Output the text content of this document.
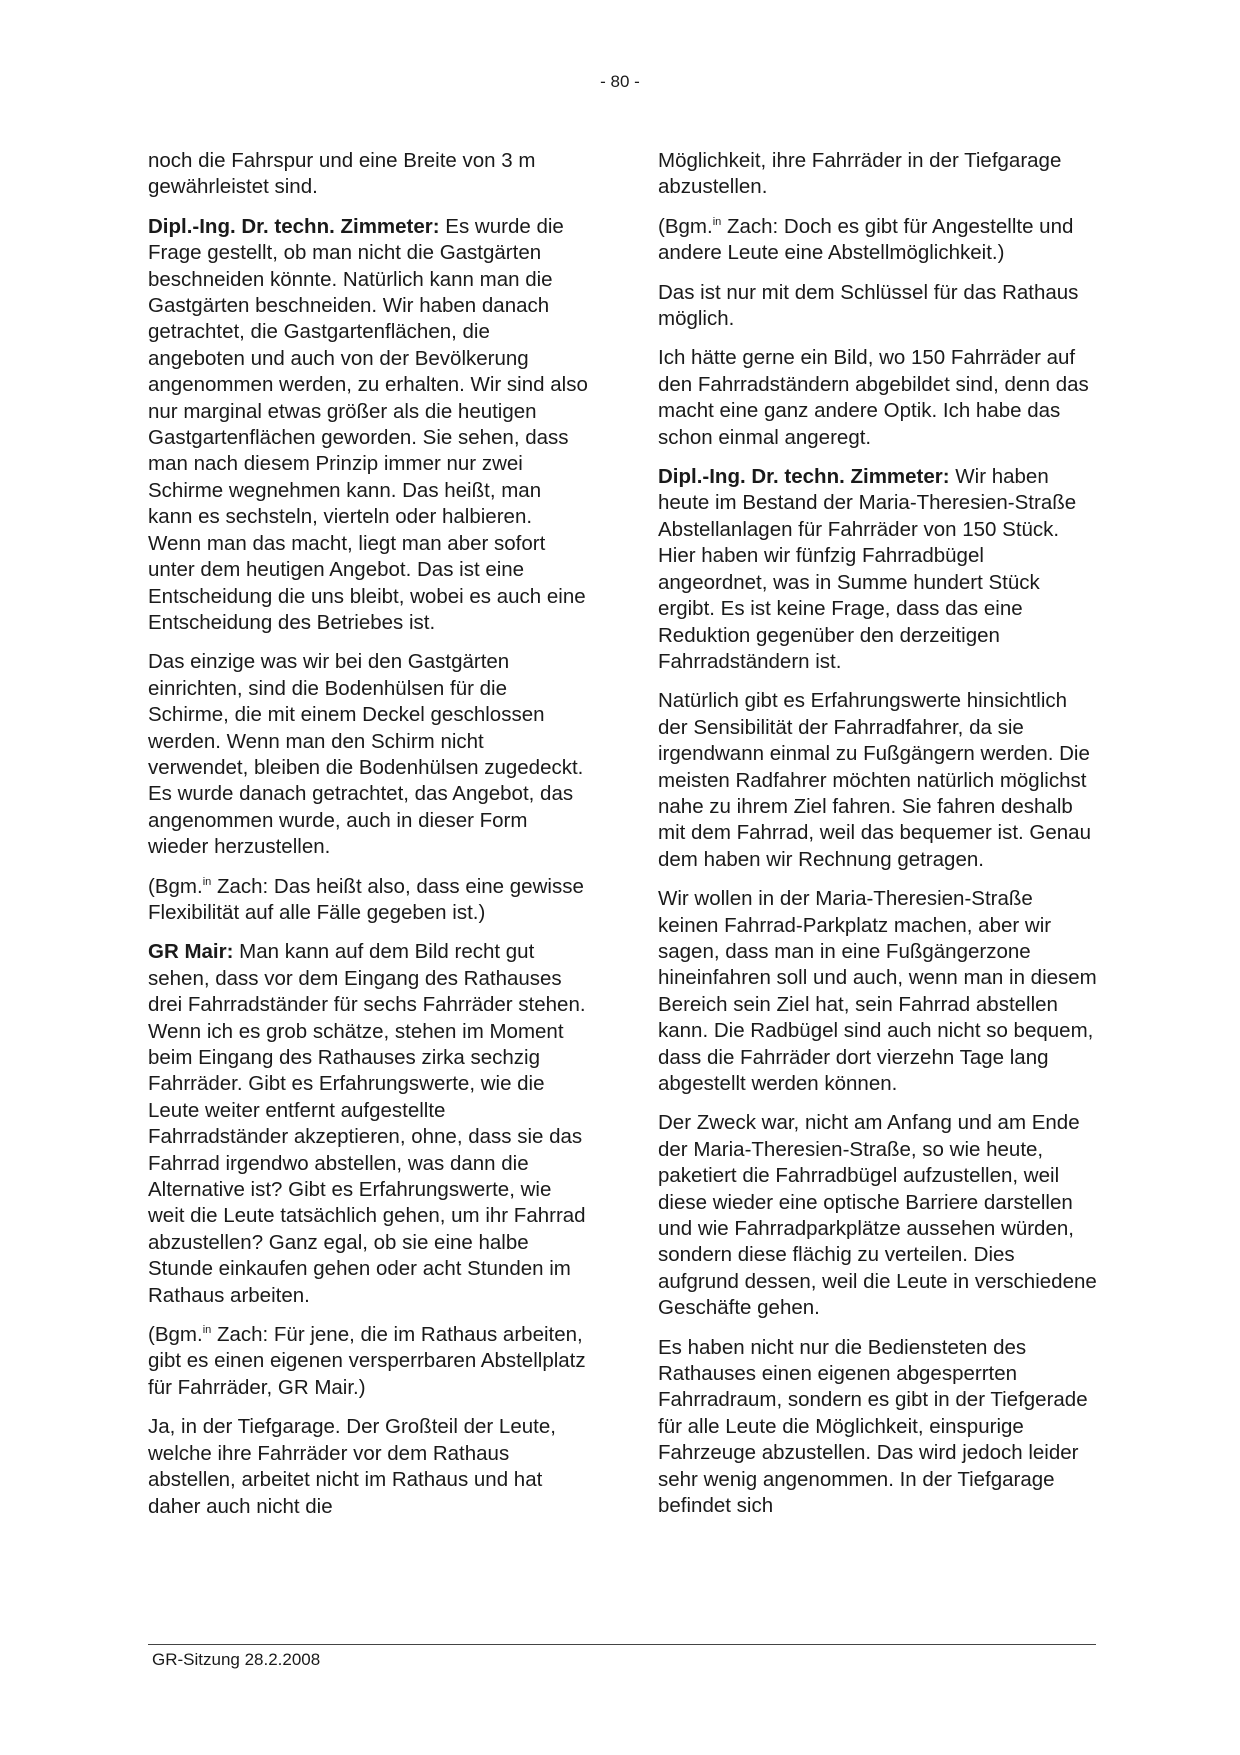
- 80 -

noch die Fahrspur und eine Breite von 3 m gewährleistet sind.

Dipl.-Ing. Dr. techn. Zimmeter: Es wurde die Frage gestellt, ob man nicht die Gastgärten beschneiden könnte. Natürlich kann man die Gastgärten beschneiden. Wir haben danach getrachtet, die Gastgartenflächen, die angeboten und auch von der Bevölkerung angenommen werden, zu erhalten. Wir sind also nur marginal etwas größer als die heutigen Gastgartenflächen geworden. Sie sehen, dass man nach diesem Prinzip immer nur zwei Schirme wegnehmen kann. Das heißt, man kann es sechsteln, vierteln oder halbieren. Wenn man das macht, liegt man aber sofort unter dem heutigen Angebot. Das ist eine Entscheidung die uns bleibt, wobei es auch eine Entscheidung des Betriebes ist.

Das einzige was wir bei den Gastgärten einrichten, sind die Bodenhülsen für die Schirme, die mit einem Deckel geschlossen werden. Wenn man den Schirm nicht verwendet, bleiben die Bodenhülsen zugedeckt. Es wurde danach getrachtet, das Angebot, das angenommen wurde, auch in dieser Form wieder herzustellen.

(Bgm.$^{in}$ Zach: Das heißt also, dass eine gewisse Flexibilität auf alle Fälle gegeben ist.)

GR Mair: Man kann auf dem Bild recht gut sehen, dass vor dem Eingang des Rathauses drei Fahrradständer für sechs Fahrräder stehen. Wenn ich es grob schätze, stehen im Moment beim Eingang des Rathauses zirka sechzig Fahrräder. Gibt es Erfahrungswerte, wie die Leute weiter entfernt aufgestellte Fahrradständer akzeptieren, ohne, dass sie das Fahrrad irgendwo abstellen, was dann die Alternative ist? Gibt es Erfahrungswerte, wie weit die Leute tatsächlich gehen, um ihr Fahrrad abzustellen? Ganz egal, ob sie eine halbe Stunde einkaufen gehen oder acht Stunden im Rathaus arbeiten.

(Bgm.$^{in}$ Zach: Für jene, die im Rathaus arbeiten, gibt es einen eigenen versperrbaren Abstellplatz für Fahrräder, GR Mair.)

Ja, in der Tiefgarage. Der Großteil der Leute, welche ihre Fahrräder vor dem Rathaus abstellen, arbeitet nicht im Rathaus und hat daher auch nicht die

Möglichkeit, ihre Fahrräder in der Tiefgarage abzustellen.

(Bgm.$^{in}$ Zach: Doch es gibt für Angestellte und andere Leute eine Abstellmöglichkeit.)

Das ist nur mit dem Schlüssel für das Rathaus möglich.

Ich hätte gerne ein Bild, wo 150 Fahrräder auf den Fahrradständern abgebildet sind, denn das macht eine ganz andere Optik. Ich habe das schon einmal angeregt.

Dipl.-Ing. Dr. techn. Zimmeter: Wir haben heute im Bestand der Maria-Theresien-Straße Abstellanlagen für Fahrräder von 150 Stück. Hier haben wir fünfzig Fahrradbügel angeordnet, was in Summe hundert Stück ergibt. Es ist keine Frage, dass das eine Reduktion gegenüber den derzeitigen Fahrradständern ist.

Natürlich gibt es Erfahrungswerte hinsichtlich der Sensibilität der Fahrradfahrer, da sie irgendwann einmal zu Fußgängern werden. Die meisten Radfahrer möchten natürlich möglichst nahe zu ihrem Ziel fahren. Sie fahren deshalb mit dem Fahrrad, weil das bequemer ist. Genau dem haben wir Rechnung getragen.

Wir wollen in der Maria-Theresien-Straße keinen Fahrrad-Parkplatz machen, aber wir sagen, dass man in eine Fußgängerzone hineinfahren soll und auch, wenn man in diesem Bereich sein Ziel hat, sein Fahrrad abstellen kann. Die Radbügel sind auch nicht so bequem, dass die Fahrräder dort vierzehn Tage lang abgestellt werden können.

Der Zweck war, nicht am Anfang und am Ende der Maria-Theresien-Straße, so wie heute, paketiert die Fahrradbügel aufzustellen, weil diese wieder eine optische Barriere darstellen und wie Fahrradparkplätze aussehen würden, sondern diese flächig zu verteilen. Dies aufgrund dessen, weil die Leute in verschiedene Geschäfte gehen.

Es haben nicht nur die Bediensteten des Rathauses einen eigenen abgesperrten Fahrradraum, sondern es gibt in der Tiefgerade für alle Leute die Möglichkeit, einspurige Fahrzeuge abzustellen. Das wird jedoch leider sehr wenig angenommen. In der Tiefgarage befindet sich

GR-Sitzung 28.2.2008
